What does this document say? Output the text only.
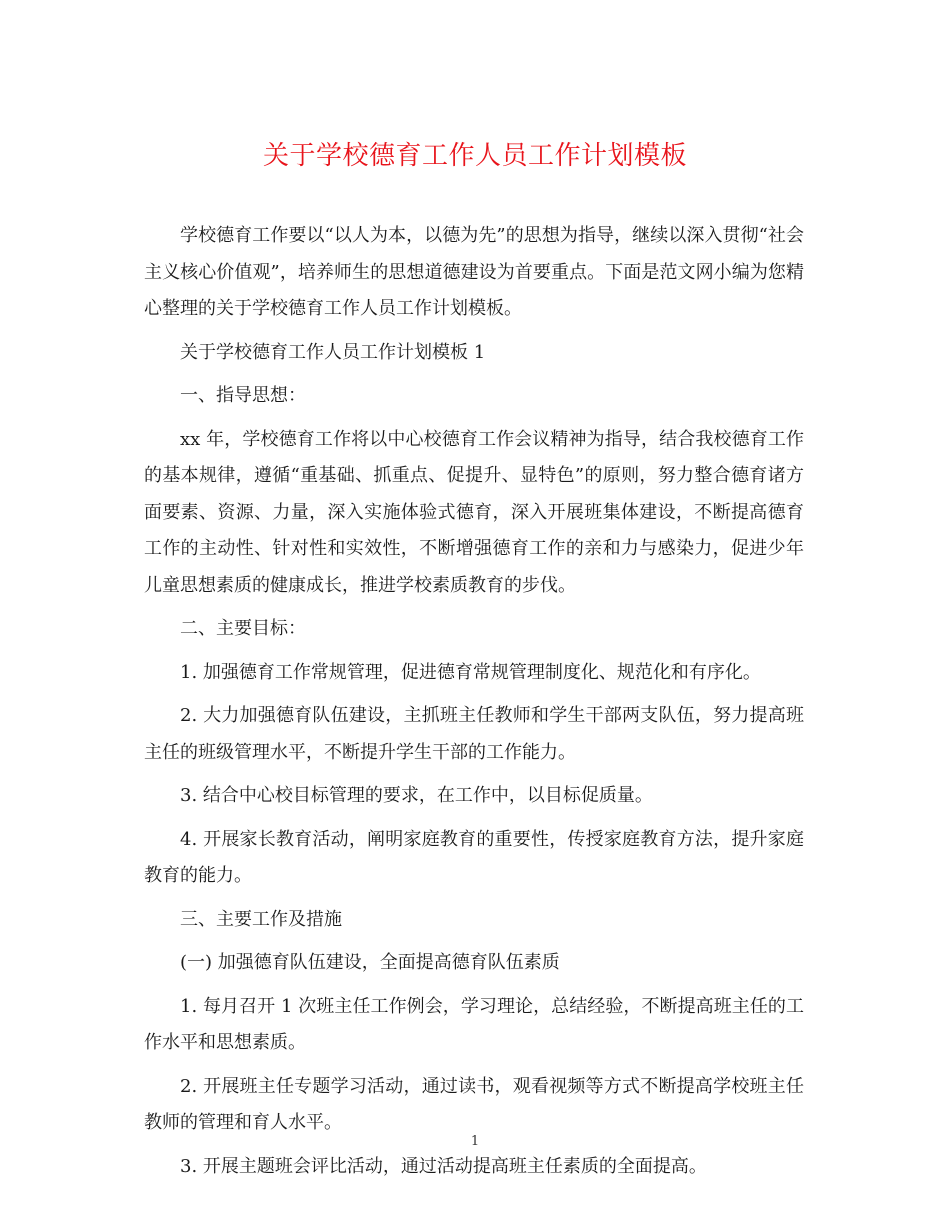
关于学校德育工作人员工作计划模板

学校德育工作要以“以人为本，以德为先”的思想为指导，继续以深入贯彻“社会主义核心价值观”，培养师生的思想道德建设为首要重点。下面是范文网小编为您精心整理的关于学校德育工作人员工作计划模板。

关于学校德育工作人员工作计划模板 1

一、指导思想：

xx 年，学校德育工作将以中心校德育工作会议精神为指导，结合我校德育工作的基本规律，遵循“重基础、抓重点、促提升、显特色”的原则，努力整合德育诸方面要素、资源、力量，深入实施体验式德育，深入开展班集体建设，不断提高德育工作的主动性、针对性和实效性，不断增强德育工作的亲和力与感染力，促进少年儿童思想素质的健康成长，推进学校素质教育的步伐。

二、主要目标：

1. 加强德育工作常规管理，促进德育常规管理制度化、规范化和有序化。

2. 大力加强德育队伍建设，主抓班主任教师和学生干部两支队伍，努力提高班主任的班级管理水平，不断提升学生干部的工作能力。

3. 结合中心校目标管理的要求，在工作中，以目标促质量。

4. 开展家长教育活动，阐明家庭教育的重要性，传授家庭教育方法，提升家庭教育的能力。

三、主要工作及措施

(一) 加强德育队伍建设，全面提高德育队伍素质

1. 每月召开 1 次班主任工作例会，学习理论，总结经验，不断提高班主任的工作水平和思想素质。

2. 开展班主任专题学习活动，通过读书，观看视频等方式不断提高学校班主任教师的管理和育人水平。

3. 开展主题班会评比活动，通过活动提高班主任素质的全面提高。

1
